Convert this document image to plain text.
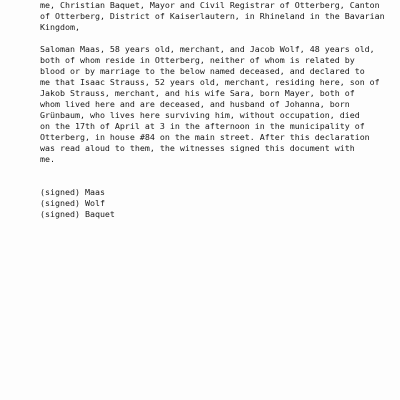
me, Christian Baquet, Mayor and Civil Registrar of Otterberg, Canton
of Otterberg, District of Kaiserlautern, in Rhineland in the Bavarian
Kingdom,
Saloman Maas, 58 years old, merchant, and Jacob Wolf, 48 years old,
both of whom reside in Otterberg, neither of whom is related by
blood or by marriage to the below named deceased, and declared to
me that Isaac Strauss, 52 years old, merchant, residing here, son of
Jakob Strauss, merchant, and his wife Sara, born Mayer, both of
whom lived here and are deceased, and husband of Johanna, born
Grünbaum, who lives here surviving him, without occupation, died
on the 17th of April at 3 in the afternoon in the municipality of
Otterberg, in house #84 on the main street. After this declaration
was read aloud to them, the witnesses signed this document with
me.
(signed) Maas
(signed) Wolf
(signed) Baquet
